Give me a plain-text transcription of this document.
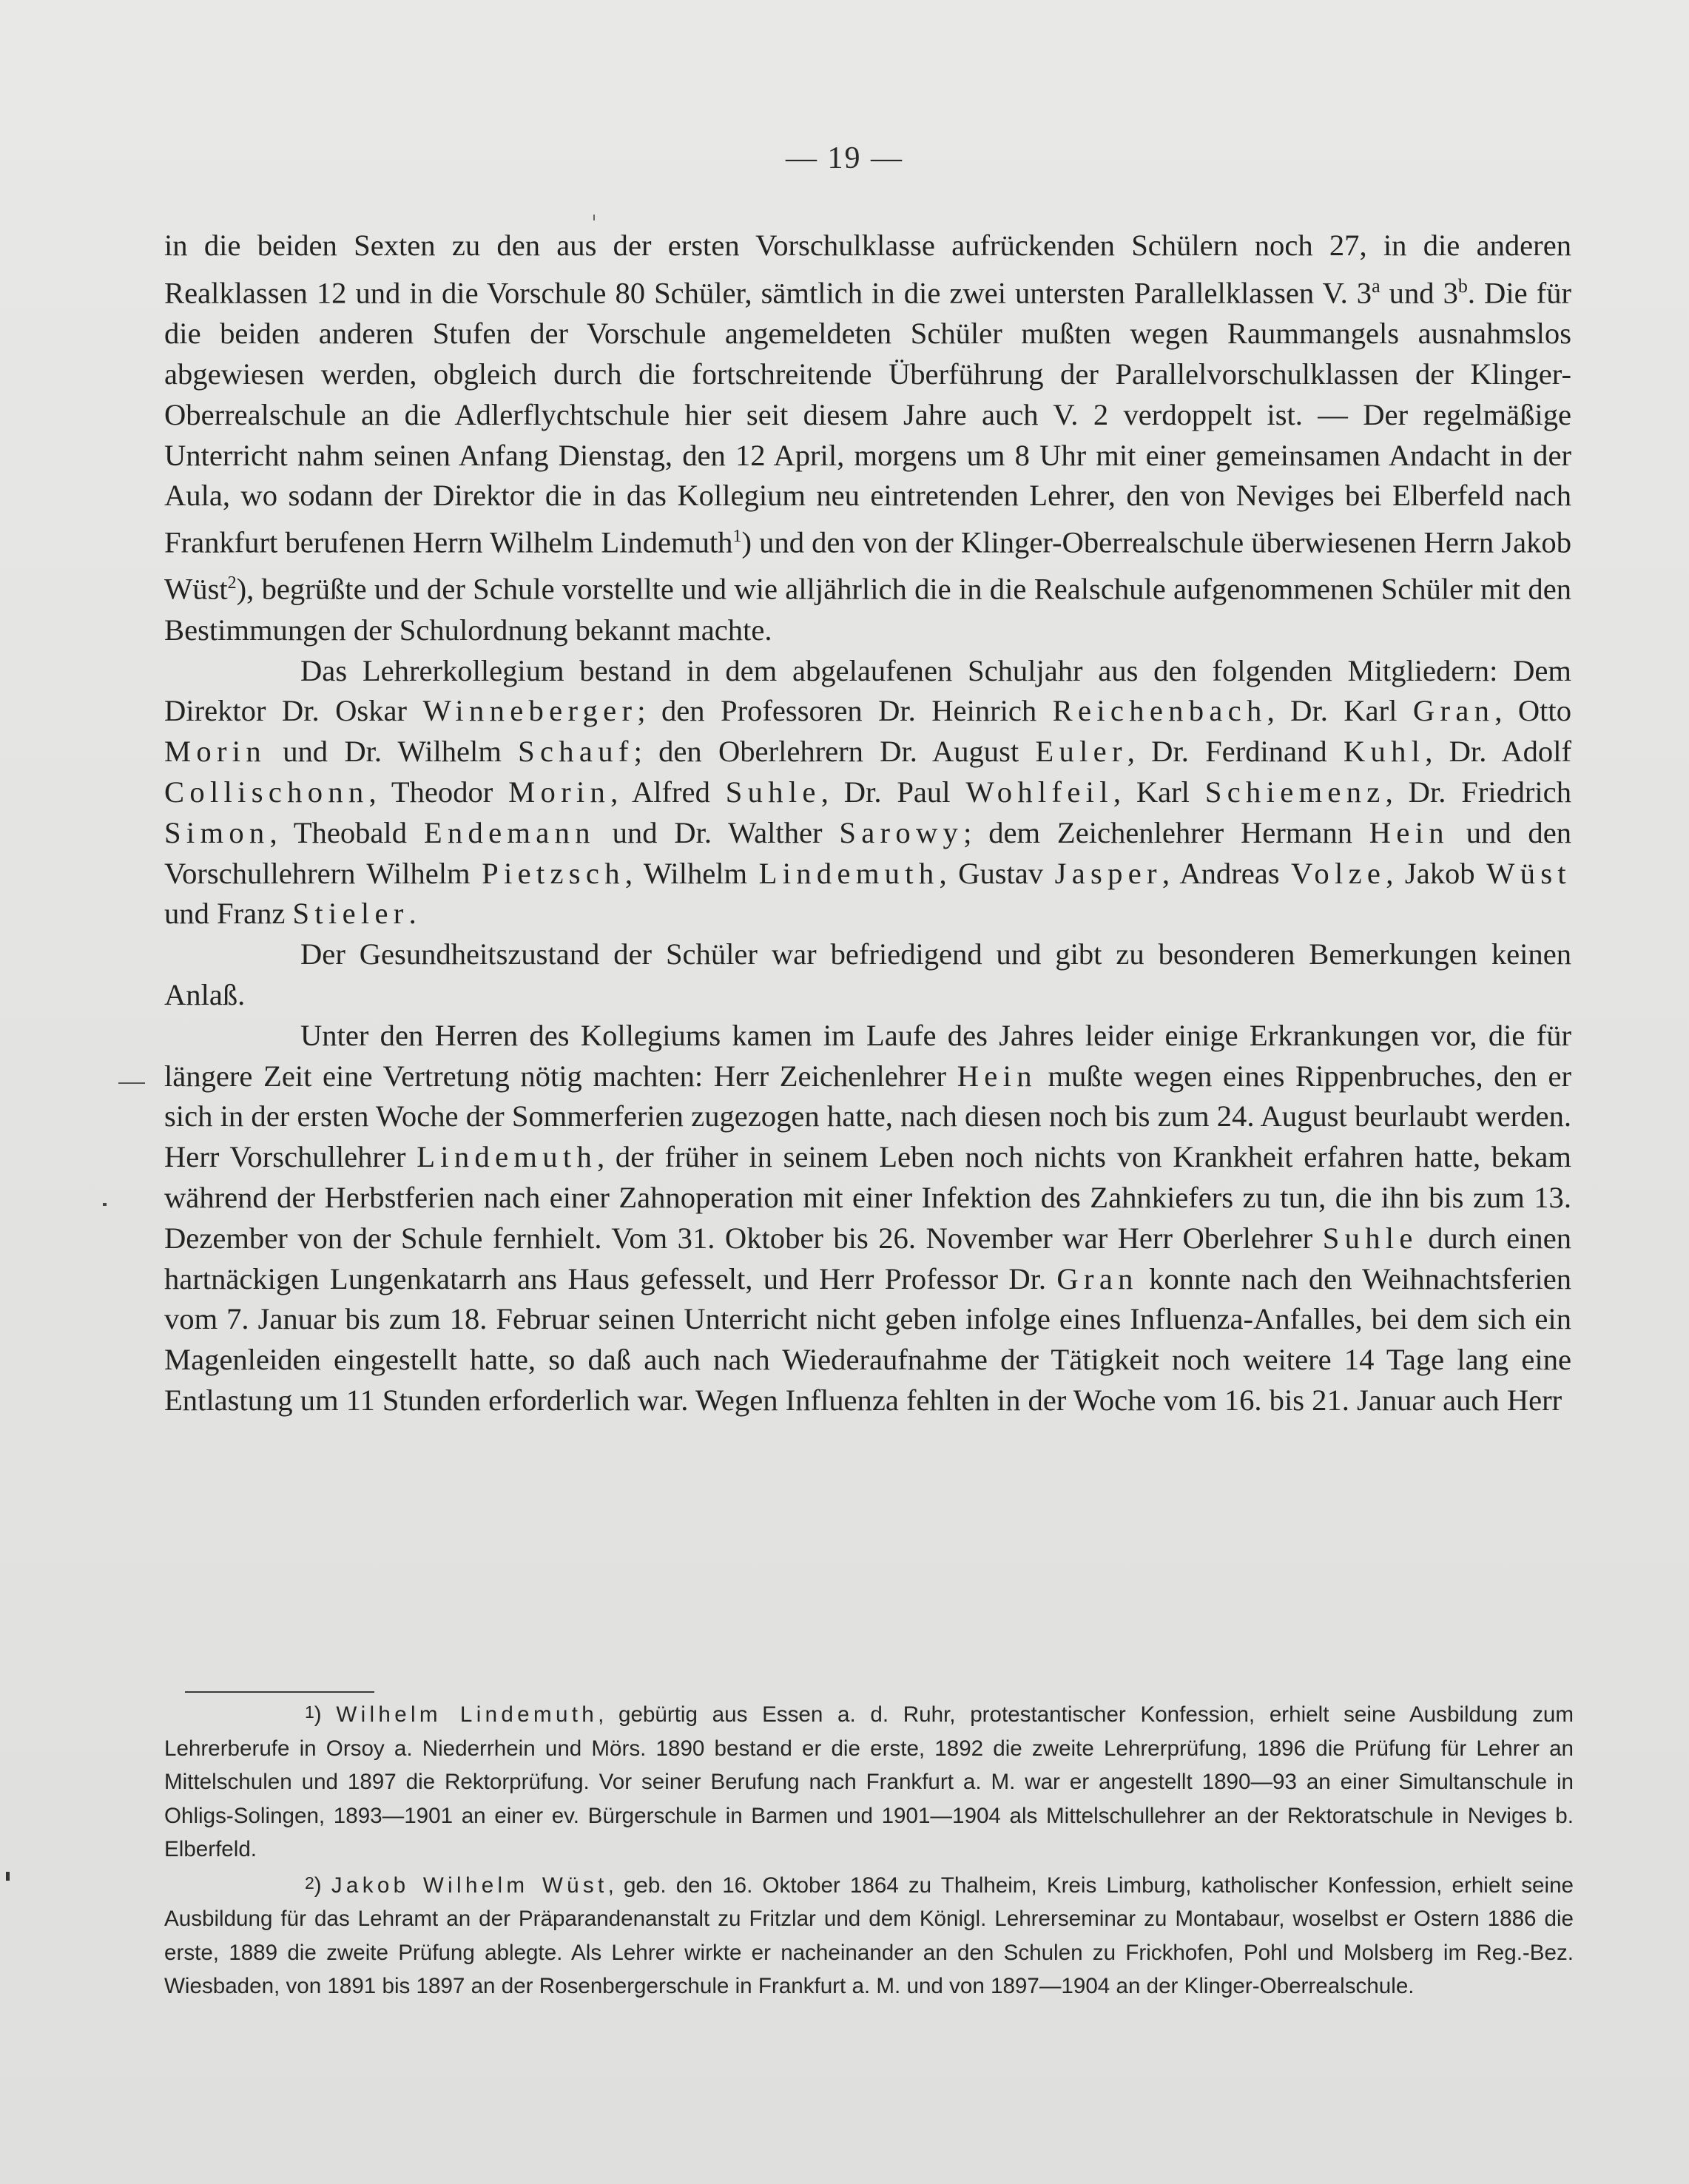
— 19 —

in die beiden Sexten zu den aus der ersten Vorschulklasse aufrückenden Schülern noch 27, in die anderen Realklassen 12 und in die Vorschule 80 Schüler, sämtlich in die zwei untersten Parallelklassen V. 3$^a$ und 3$^b$. Die für die beiden anderen Stufen der Vorschule angemeldeten Schüler mußten wegen Raummangels ausnahmslos abgewiesen werden, obgleich durch die fortschreitende Überführung der Parallelvorschulklassen der Klinger-Oberrealschule an die Adlerflychtschule hier seit diesem Jahre auch V. 2 verdoppelt ist. — Der regelmäßige Unterricht nahm seinen Anfang Dienstag, den 12 April, morgens um 8 Uhr mit einer gemeinsamen Andacht in der Aula, wo sodann der Direktor die in das Kollegium neu eintretenden Lehrer, den von Neviges bei Elberfeld nach Frankfurt berufenen Herrn Wilhelm Lindemuth$^1$) und den von der Klinger-Oberrealschule überwiesenen Herrn Jakob Wüst$^2$), begrüßte und der Schule vorstellte und wie alljährlich die in die Realschule aufgenommenen Schüler mit den Bestimmungen der Schulordnung bekannt machte.

Das Lehrerkollegium bestand in dem abgelaufenen Schuljahr aus den folgenden Mitgliedern: Dem Direktor Dr. Oskar Winneberger; den Professoren Dr. Heinrich Reichenbach, Dr. Karl Gran, Otto Morin und Dr. Wilhelm Schauf; den Oberlehrern Dr. August Euler, Dr. Ferdinand Kuhl, Dr. Adolf Collischonn, Theodor Morin, Alfred Suhle, Dr. Paul Wohlfeil, Karl Schiemenz, Dr. Friedrich Simon, Theobald Endemann und Dr. Walther Sarowy; dem Zeichenlehrer Hermann Hein und den Vorschullehrern Wilhelm Pietzsch, Wilhelm Lindemuth, Gustav Jasper, Andreas Volze, Jakob Wüst und Franz Stieler.

Der Gesundheitszustand der Schüler war befriedigend und gibt zu besonderen Bemerkungen keinen Anlaß.

Unter den Herren des Kollegiums kamen im Laufe des Jahres leider einige Erkrankungen vor, die für längere Zeit eine Vertretung nötig machten: Herr Zeichenlehrer Hein mußte wegen eines Rippenbruches, den er sich in der ersten Woche der Sommerferien zugezogen hatte, nach diesen noch bis zum 24. August beurlaubt werden. Herr Vorschullehrer Lindemuth, der früher in seinem Leben noch nichts von Krankheit erfahren hatte, bekam während der Herbstferien nach einer Zahnoperation mit einer Infektion des Zahnkiefers zu tun, die ihn bis zum 13. Dezember von der Schule fernhielt. Vom 31. Oktober bis 26. November war Herr Oberlehrer Suhle durch einen hartnäckigen Lungenkatarrh ans Haus gefesselt, und Herr Professor Dr. Gran konnte nach den Weihnachtsferien vom 7. Januar bis zum 18. Februar seinen Unterricht nicht geben infolge eines Influenza-Anfalles, bei dem sich ein Magenleiden eingestellt hatte, so daß auch nach Wiederaufnahme der Tätigkeit noch weitere 14 Tage lang eine Entlastung um 11 Stunden erforderlich war. Wegen Influenza fehlten in der Woche vom 16. bis 21. Januar auch Herr

1) Wilhelm Lindemuth, gebürtig aus Essen a. d. Ruhr, protestantischer Konfession, erhielt seine Ausbildung zum Lehrerberufe in Orsoy a. Niederrhein und Mörs. 1890 bestand er die erste, 1892 die zweite Lehrerprüfung, 1896 die Prüfung für Lehrer an Mittelschulen und 1897 die Rektorprüfung. Vor seiner Berufung nach Frankfurt a. M. war er angestellt 1890—93 an einer Simultanschule in Ohligs-Solingen, 1893—1901 an einer ev. Bürgerschule in Barmen und 1901—1904 als Mittelschullehrer an der Rektoratschule in Neviges b. Elberfeld.

2) Jakob Wilhelm Wüst, geb. den 16. Oktober 1864 zu Thalheim, Kreis Limburg, katholischer Konfession, erhielt seine Ausbildung für das Lehramt an der Präparandenanstalt zu Fritzlar und dem Königl. Lehrerseminar zu Montabaur, woselbst er Ostern 1886 die erste, 1889 die zweite Prüfung ablegte. Als Lehrer wirkte er nacheinander an den Schulen zu Frickhofen, Pohl und Molsberg im Reg.-Bez. Wiesbaden, von 1891 bis 1897 an der Rosenbergerschule in Frankfurt a. M. und von 1897—1904 an der Klinger-Oberrealschule.
